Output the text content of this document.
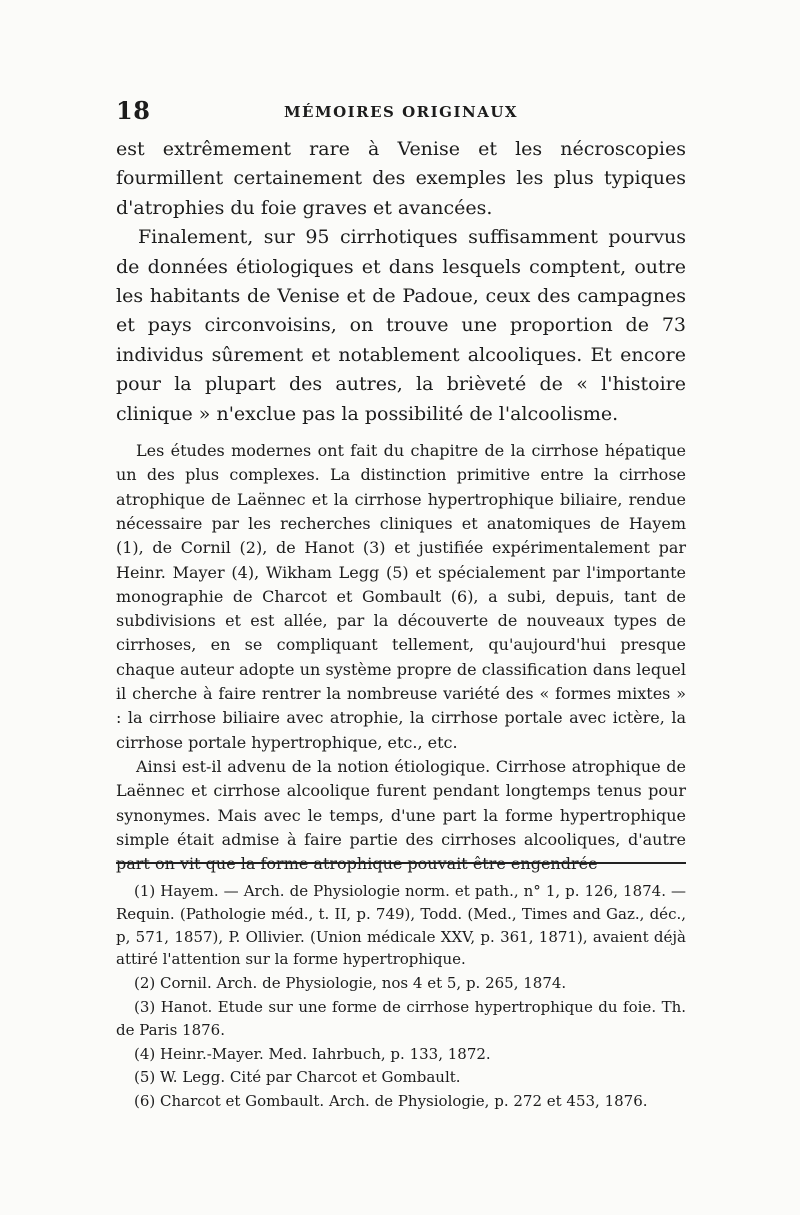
18	MÉMOIRES ORIGINAUX

est extrêmement rare à Venise et les nécroscopies fourmillent certainement des exemples les plus typiques d'atrophies du foie graves et avancées.

Finalement, sur 95 cirrhotiques suffisamment pourvus de données étiologiques et dans lesquels comptent, outre les habitants de Venise et de Padoue, ceux des campagnes et pays circonvoisins, on trouve une proportion de 73 individus sûrement et notablement alcooliques. Et encore pour la plupart des autres, la brièveté de « l'histoire clinique » n'exclue pas la possibilité de l'alcoolisme.

Les études modernes ont fait du chapitre de la cirrhose hépatique un des plus complexes. La distinction primitive entre la cirrhose atrophique de Laënnec et la cirrhose hypertrophique biliaire, rendue nécessaire par les recherches cliniques et anatomiques de Hayem (1), de Cornil (2), de Hanot (3) et justifiée expérimentalement par Heinr. Mayer (4), Wikham Legg (5) et spécialement par l'importante monographie de Charcot et Gombault (6), a subi, depuis, tant de subdivisions et est allée, par la découverte de nouveaux types de cirrhoses, en se compliquant tellement, qu'aujourd'hui presque chaque auteur adopte un système propre de classification dans lequel il cherche à faire rentrer la nombreuse variété des « formes mixtes » : la cirrhose biliaire avec atrophie, la cirrhose portale avec ictère, la cirrhose portale hypertrophique, etc., etc.

Ainsi est-il advenu de la notion étiologique. Cirrhose atrophique de Laënnec et cirrhose alcoolique furent pendant longtemps tenus pour synonymes. Mais avec le temps, d'une part la forme hypertrophique simple était admise à faire partie des cirrhoses alcooliques, d'autre part on vit que la forme atrophique pouvait être engendrée

(1) Hayem. — Arch. de Physiologie norm. et path., n° 1, p. 126, 1874. — Requin. (Pathologie méd., t. II, p. 749), Todd. (Med., Times and Gaz., déc., p, 571, 1857), P. Ollivier. (Union médicale XXV, p. 361, 1871), avaient déjà attiré l'attention sur la forme hypertrophique.

(2) Cornil. Arch. de Physiologie, nos 4 et 5, p. 265, 1874.

(3) Hanot. Etude sur une forme de cirrhose hypertrophique du foie. Th. de Paris 1876.

(4) Heinr.-Mayer. Med. Iahrbuch, p. 133, 1872.

(5) W. Legg. Cité par Charcot et Gombault.

(6) Charcot et Gombault. Arch. de Physiologie, p. 272 et 453, 1876.
